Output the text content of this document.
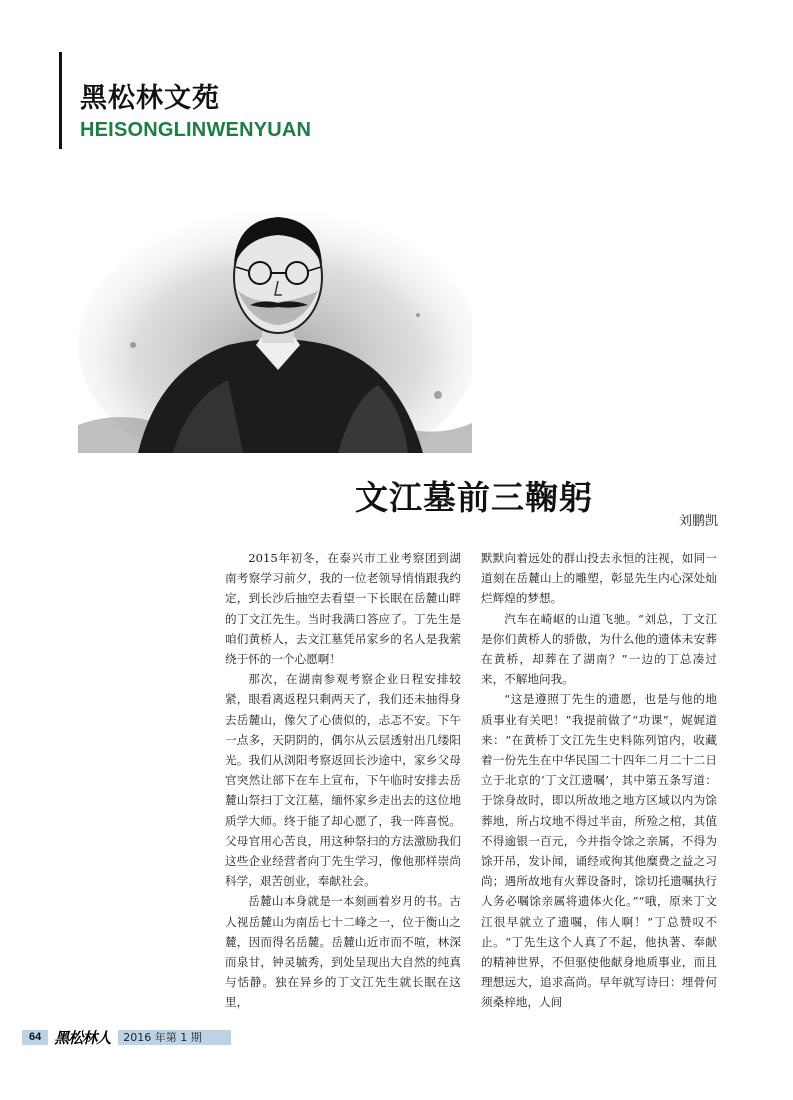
黑松林文苑
HEISONGLINWENYUAN
文江墓前三鞠躬
刘鹏凯

2015年初冬，在泰兴市工业考察团到湖南考察学习前夕，我的一位老领导悄悄跟我约定，到长沙后抽空去看望一下长眠在岳麓山畔的丁文江先生。当时我满口答应了。丁先生是咱们黄桥人，去文江墓凭吊家乡的名人是我萦绕于怀的一个心愿啊！

那次，在湖南参观考察企业日程安排较紧，眼看离返程只剩两天了，我们还未抽得身去岳麓山，像欠了心债似的，忐忑不安。下午一点多，天阴阴的，偶尔从云层透射出几缕阳光。我们从浏阳考察返回长沙途中，家乡父母官突然让部下在车上宣布，下午临时安排去岳麓山祭扫丁文江墓，缅怀家乡走出去的这位地质学大师。终于能了却心愿了，我一阵喜悦。父母官用心苦良，用这种祭扫的方法激励我们这些企业经营者向丁先生学习，像他那样崇尚科学，艰苦创业，奉献社会。

岳麓山本身就是一本刻画着岁月的书。古人视岳麓山为南岳七十二峰之一，位于衡山之麓，因而得名岳麓。岳麓山近市而不喧，林深而泉甘，钟灵毓秀，到处呈现出大自然的纯真与恬静。独在异乡的丁文江先生就长眠在这里，

默默向着远处的群山投去永恒的注视，如同一道刻在岳麓山上的雕塑，彰显先生内心深处灿烂辉煌的梦想。

汽车在崎岖的山道飞驰。“刘总，丁文江是你们黄桥人的骄傲，为什么他的遗体未安葬在黄桥，却葬在了湖南？”一边的丁总凑过来，不解地问我。

“这是遵照丁先生的遗愿，也是与他的地质事业有关吧！”我提前做了“功课”，娓娓道来：“在黄桥丁文江先生史料陈列馆内，收藏着一份先生在中华民国二十四年二月二十二日立于北京的‘丁文江遗嘱’，其中第五条写道：于馀身故时，即以所故地之地方区域以内为馀葬地，所占坟地不得过半亩，所殓之棺，其值不得逾银一百元，今并指令馀之亲属，不得为馀开吊，发讣闻，诵经或徇其他糜费之益之习尚；遇所故地有火葬设备时，馀切托遗嘱执行人务必嘱馀亲属将遗体火化。”“哦，原来丁文江很早就立了遗嘱，伟人啊！”丁总赞叹不止。“丁先生这个人真了不起，他执著、奉献的精神世界，不但驱使他献身地质事业，而且理想远大，追求高尚。早年就写诗曰：埋骨何须桑梓地，人间

64 黑松林人	2016 年第 1 期
